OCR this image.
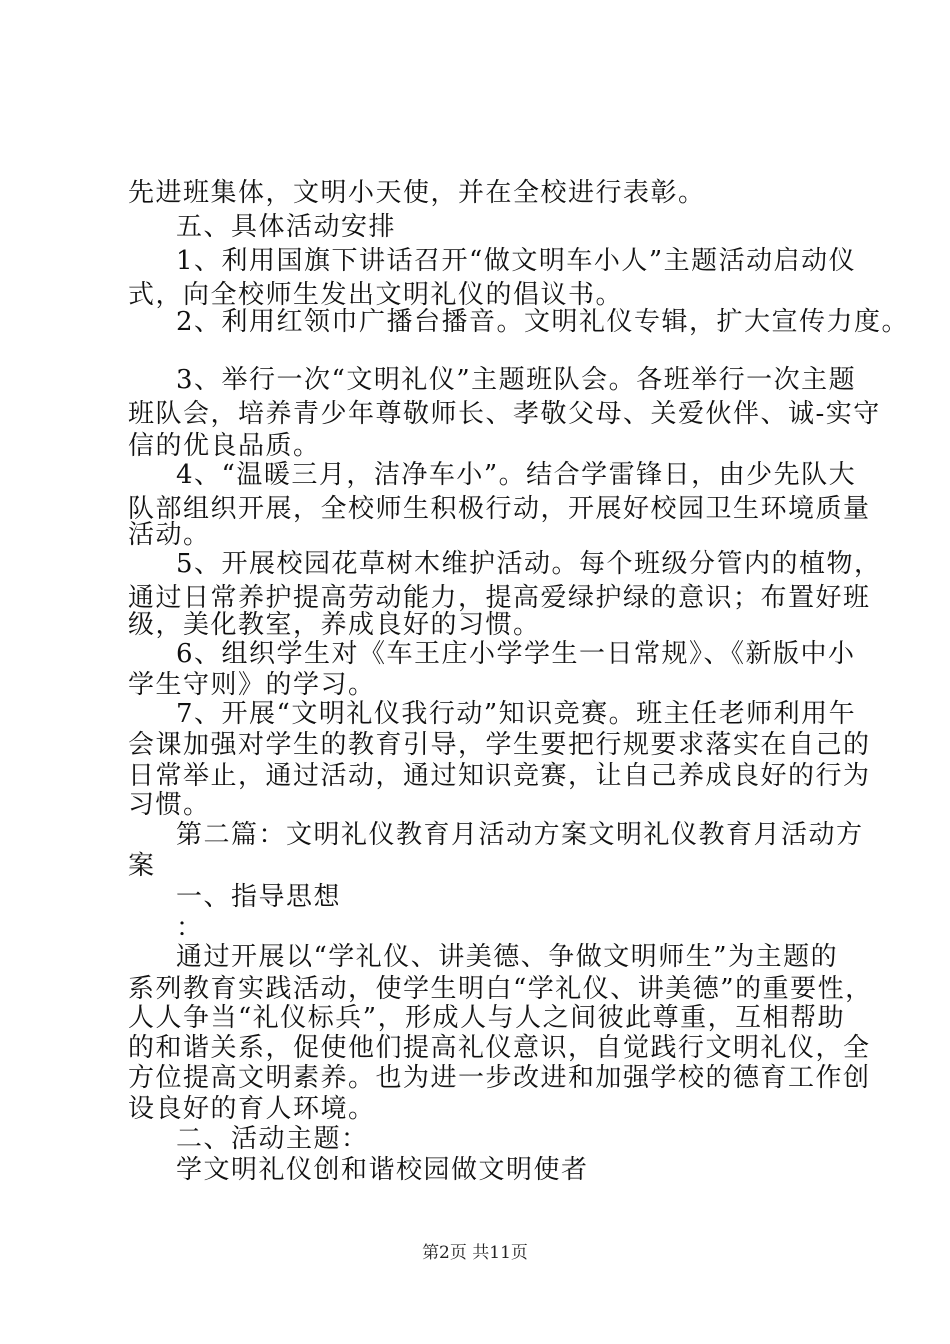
先进班集体，文明小天使，并在全校进行表彰。
五、具体活动安排
1、利用国旗下讲话召开“做文明车小人”主题活动启动仪
式，向全校师生发出文明礼仪的倡议书。
2、利用红领巾广播台播音。文明礼仪专辑，扩大宣传力度。
3、举行一次“文明礼仪”主题班队会。各班举行一次主题
班队会，培养青少年尊敬师长、孝敬父母、关爱伙伴、诚-实守
信的优良品质。
4、“温暖三月，洁净车小”。结合学雷锋日，由少先队大
队部组织开展，全校师生积极行动，开展好校园卫生环境质量
活动。
5、开展校园花草树木维护活动。每个班级分管内的植物，
通过日常养护提高劳动能力，提高爱绿护绿的意识；布置好班
级，美化教室，养成良好的习惯。
6、组织学生对《车王庄小学学生一日常规》、《新版中小
学生守则》的学习。
7、开展“文明礼仪我行动”知识竞赛。班主任老师利用午
会课加强对学生的教育引导，学生要把行规要求落实在自己的
日常举止，通过活动，通过知识竞赛，让自己养成良好的行为
习惯。
第二篇：文明礼仪教育月活动方案文明礼仪教育月活动方
案
一、指导思想
：
通过开展以“学礼仪、讲美德、争做文明师生”为主题的
系列教育实践活动，使学生明白“学礼仪、讲美德”的重要性，
人人争当“礼仪标兵”，形成人与人之间彼此尊重，互相帮助
的和谐关系，促使他们提高礼仪意识，自觉践行文明礼仪，全
方位提高文明素养。也为进一步改进和加强学校的德育工作创
设良好的育人环境。
二、活动主题：
学文明礼仪创和谐校园做文明使者
第2页 共11页
